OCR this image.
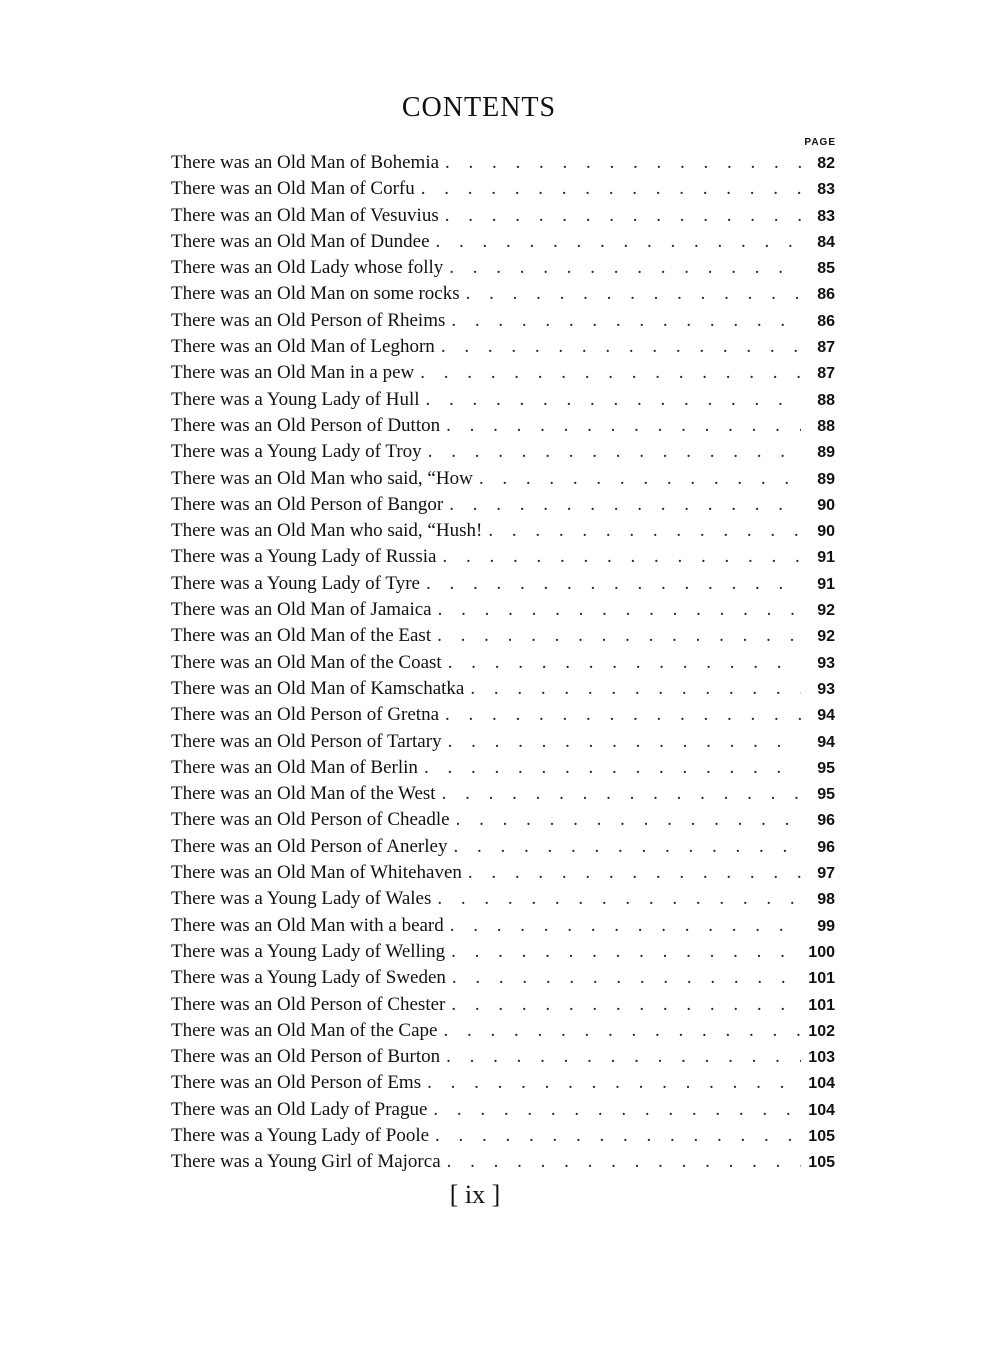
CONTENTS
PAGE
There was an Old Man of Bohemia . . .	82
There was an Old Man of Corfu . . .	83
There was an Old Man of Vesuvius . . .	83
There was an Old Man of Dundee . . .	84
There was an Old Lady whose folly . . .	85
There was an Old Man on some rocks . . .	86
There was an Old Person of Rheims . . .	86
There was an Old Man of Leghorn . . .	87
There was an Old Man in a pew . . .	87
There was a Young Lady of Hull . . .	88
There was an Old Person of Dutton . . .	88
There was a Young Lady of Troy . . .	89
There was an Old Man who said, “How . . .	89
There was an Old Person of Bangor . . .	90
There was an Old Man who said, “Hush! . . .	90
There was a Young Lady of Russia . . .	91
There was a Young Lady of Tyre . . .	91
There was an Old Man of Jamaica . . .	92
There was an Old Man of the East . . .	92
There was an Old Man of the Coast . . .	93
There was an Old Man of Kamschatka . . .	93
There was an Old Person of Gretna . . .	94
There was an Old Person of Tartary . . .	94
There was an Old Man of Berlin . . .	95
There was an Old Man of the West . . .	95
There was an Old Person of Cheadle . . .	96
There was an Old Person of Anerley . . .	96
There was an Old Man of Whitehaven . . .	97
There was a Young Lady of Wales . . .	98
There was an Old Man with a beard . . .	99
There was a Young Lady of Welling . . .	100
There was a Young Lady of Sweden . . .	101
There was an Old Person of Chester . . .	101
There was an Old Man of the Cape . . .	102
There was an Old Person of Burton . . .	103
There was an Old Person of Ems . . .	104
There was an Old Lady of Prague . . .	104
There was a Young Lady of Poole . . .	105
There was a Young Girl of Majorca . . .	105
[ ix ]
